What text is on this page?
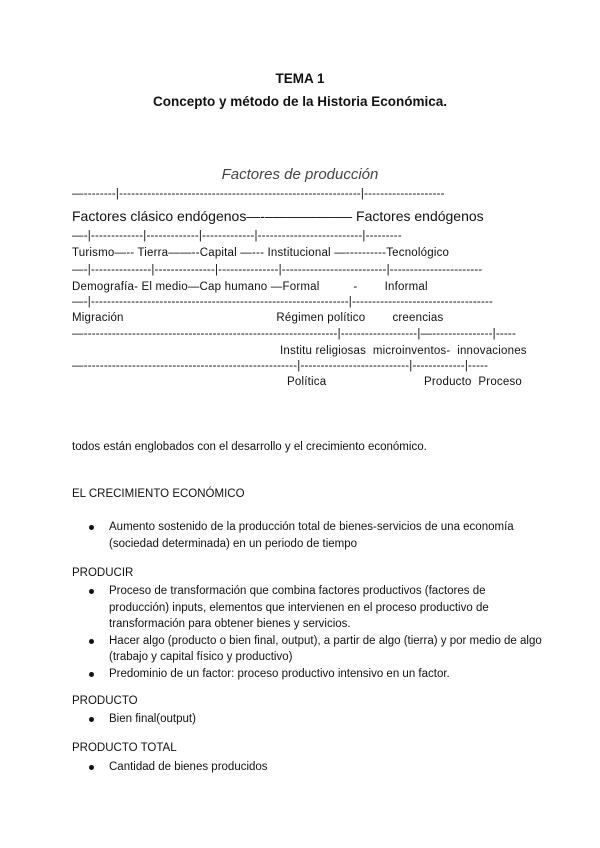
TEMA 1
Concepto y método de la Historia Económica.
Factores de producción
—--------|------------------------------------------------------------|--------------------
Factores clásico endógenos—-–—–—–—–— Factores endógenos
—-|-------------|-------------|-------------|--------------------------|---------
Turismo—-- Tierra——--Capital —--- Institucional —----------Tecnológico
—-|---------------|---------------|---------------|--------------------------|-----------------------
Demografía- El medio—Cap humano —Formal          -        Informal
—-|----------------------------------------------------------------|-----------------------------------
Migración                                             Régimen político        creencias
—---------------------------------------------------------------|-------------------|—---------------|-----
Institu religiosas  microinventos-  innovaciones
—-----------------------------------------------------|---------------------------|-------------|-----
Política	Producto  Proceso
todos están englobados con el desarrollo y el crecimiento económico.
EL CRECIMIENTO ECONÓMICO
Aumento sostenido de la producción total de bienes-servicios de una economía (sociedad determinada) en un periodo de tiempo
PRODUCIR
Proceso de transformación que combina factores productivos (factores de producción) inputs, elementos que intervienen en el proceso productivo de transformación para obtener bienes y servicios.
Hacer algo (producto o bien final, output), a partir de algo (tierra) y por medio de algo (trabajo y capital físico y productivo)
Predominio de un factor: proceso productivo intensivo en un factor.
PRODUCTO
Bien final(output)
PRODUCTO TOTAL
Cantidad de bienes producidos
